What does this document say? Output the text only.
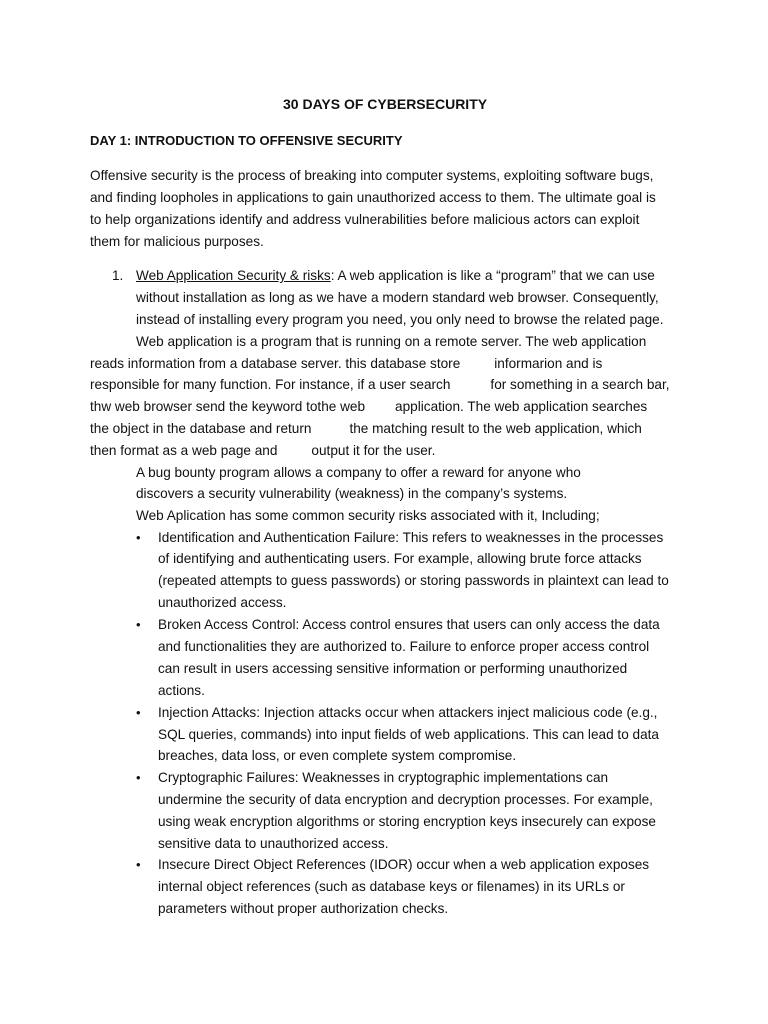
30 DAYS OF CYBERSECURITY
DAY 1: INTRODUCTION TO OFFENSIVE SECURITY
Offensive security is the process of breaking into computer systems, exploiting software bugs,
and finding loopholes in applications to gain unauthorized access to them. The ultimate goal is
to help organizations identify and address vulnerabilities before malicious actors can exploit
them for malicious purposes.
1. Web Application Security & risks: A web application is like a “program” that we can use
without installation as long as we have a modern standard web browser. Consequently,
instead of installing every program you need, you only need to browse the related page.
Web application is a program that is running on a remote server. The web application
reads information from a database server. this database store	informarion and is
responsible for many function. For instance, if a user search	for something in a search bar,
thw web browser send the keyword tothe web application. The web application searches
the object in the database and return	the matching result to the web application, which
then format as a web page and	output it for the user.
A bug bounty program allows a company to offer a reward for anyone who
discovers a security vulnerability (weakness) in the company’s systems.
Web Aplication has some common security risks associated with it, Including;
• Identification and Authentication Failure: This refers to weaknesses in the processes
of identifying and authenticating users. For example, allowing brute force attacks
(repeated attempts to guess passwords) or storing passwords in plaintext can lead to
unauthorized access.
• Broken Access Control: Access control ensures that users can only access the data
and functionalities they are authorized to. Failure to enforce proper access control
can result in users accessing sensitive information or performing unauthorized
actions.
• Injection Attacks: Injection attacks occur when attackers inject malicious code (e.g.,
SQL queries, commands) into input fields of web applications. This can lead to data
breaches, data loss, or even complete system compromise.
• Cryptographic Failures: Weaknesses in cryptographic implementations can
undermine the security of data encryption and decryption processes. For example,
using weak encryption algorithms or storing encryption keys insecurely can expose
sensitive data to unauthorized access.
• Insecure Direct Object References (IDOR) occur when a web application exposes
internal object references (such as database keys or filenames) in its URLs or
parameters without proper authorization checks.
